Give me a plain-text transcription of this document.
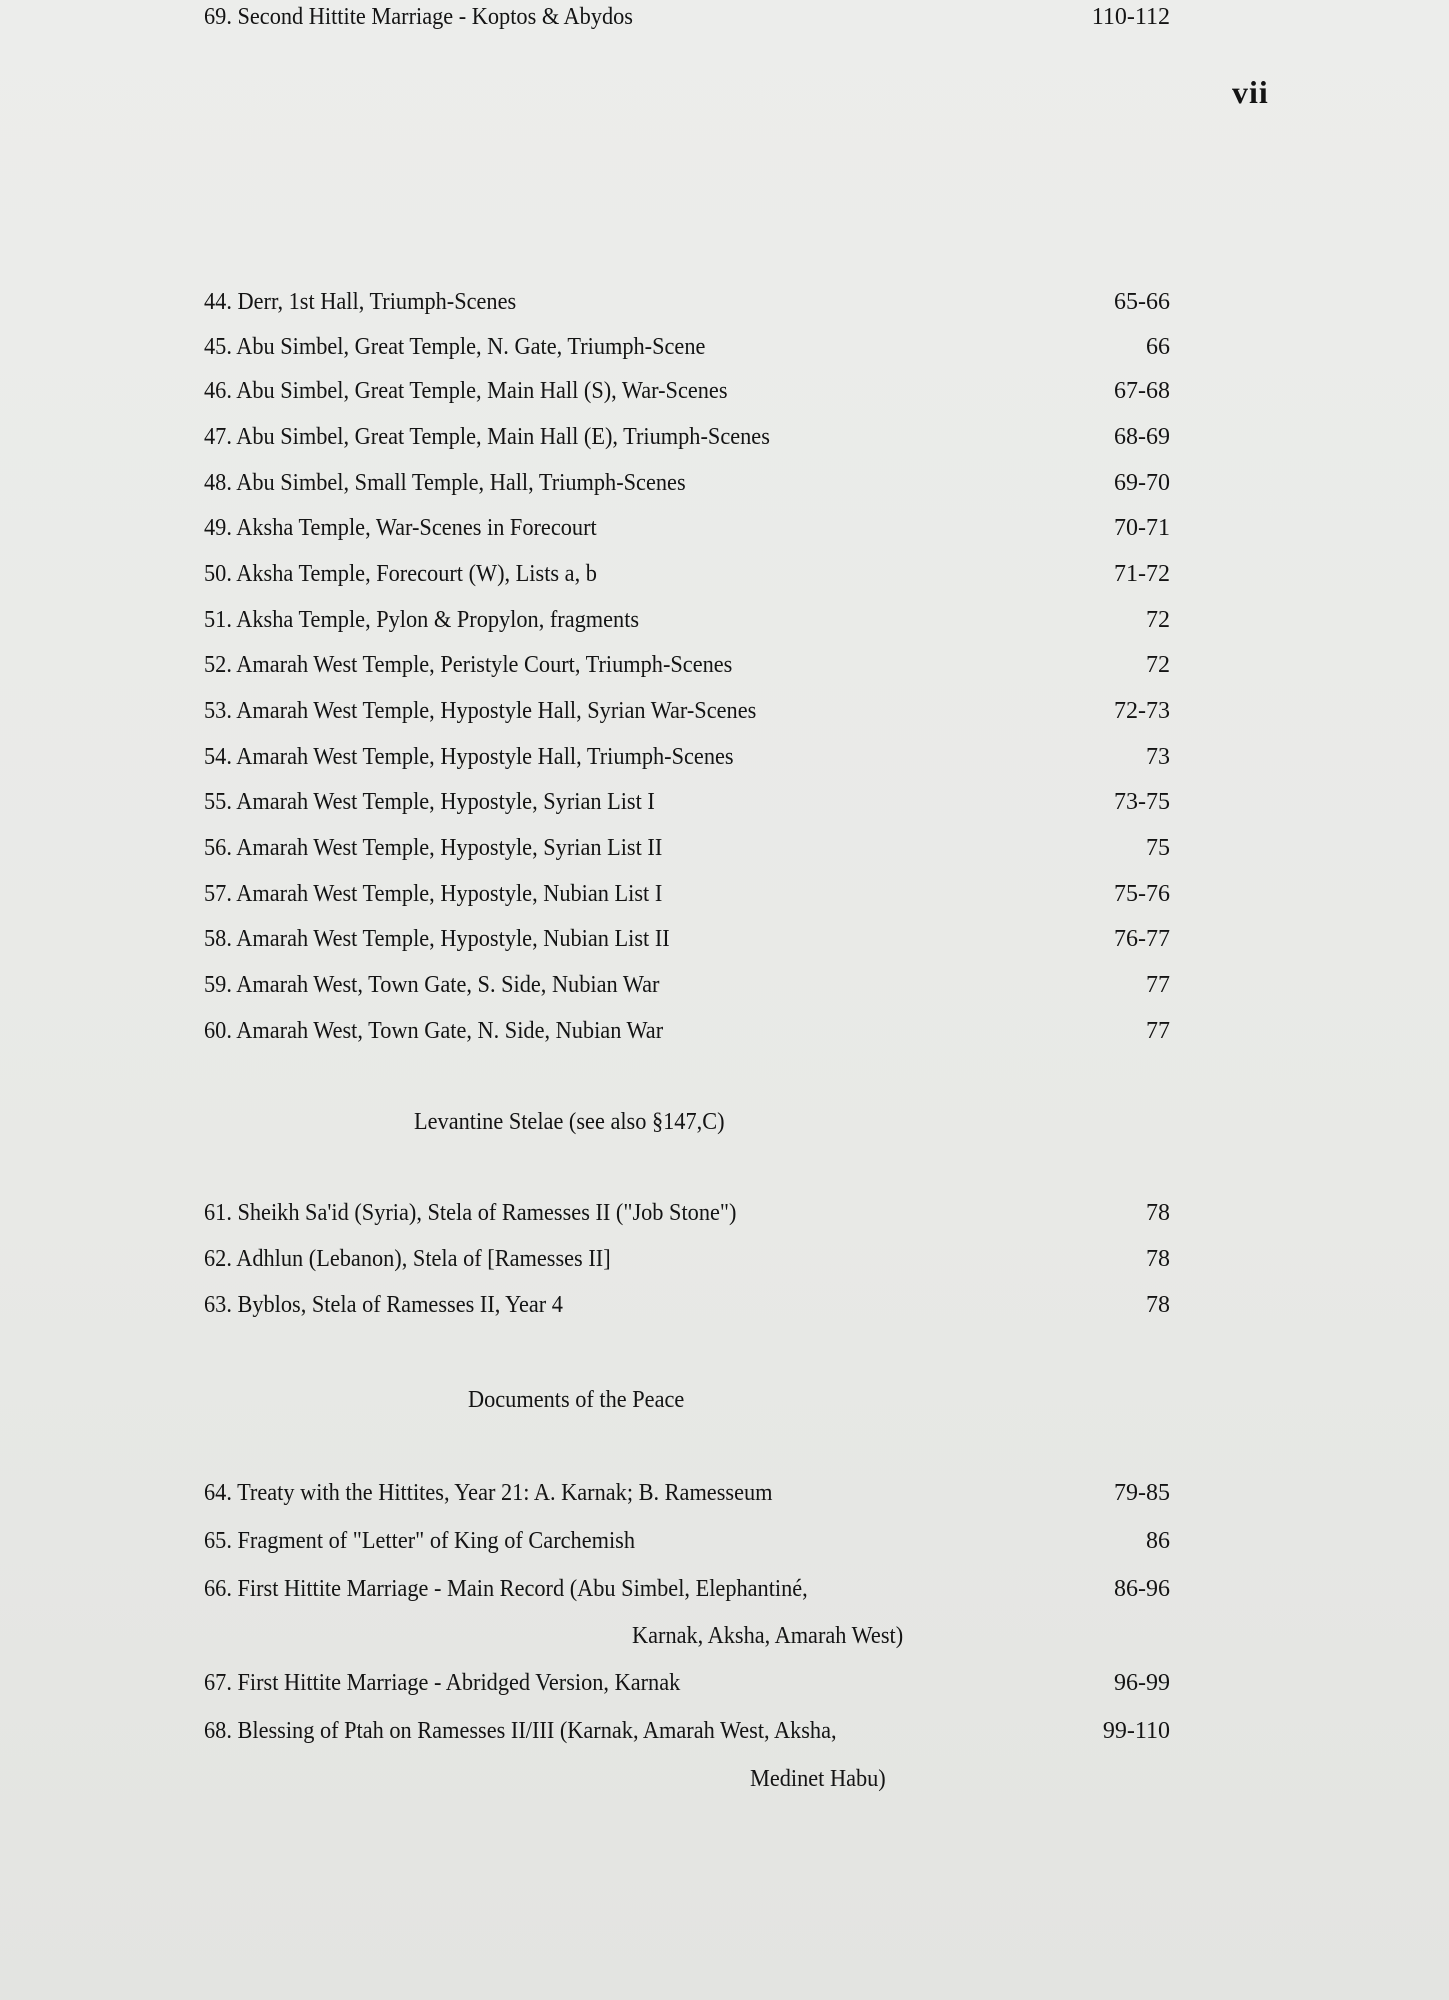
vii
44. Derr, 1st Hall, Triumph-Scenes	65-66
45. Abu Simbel, Great Temple, N. Gate, Triumph-Scene	66
46. Abu Simbel, Great Temple, Main Hall (S), War-Scenes	67-68
47. Abu Simbel, Great Temple, Main Hall (E), Triumph-Scenes	68-69
48. Abu Simbel, Small Temple, Hall, Triumph-Scenes	69-70
49. Aksha Temple, War-Scenes in Forecourt	70-71
50. Aksha Temple, Forecourt (W), Lists a, b	71-72
51. Aksha Temple, Pylon & Propylon, fragments	72
52. Amarah West Temple, Peristyle Court, Triumph-Scenes	72
53. Amarah West Temple, Hypostyle Hall, Syrian War-Scenes	72-73
54. Amarah West Temple, Hypostyle Hall, Triumph-Scenes	73
55. Amarah West Temple, Hypostyle, Syrian List I	73-75
56. Amarah West Temple, Hypostyle, Syrian List II	75
57. Amarah West Temple, Hypostyle, Nubian List I	75-76
58. Amarah West Temple, Hypostyle, Nubian List II	76-77
59. Amarah West, Town Gate, S. Side, Nubian War	77
60. Amarah West, Town Gate, N. Side, Nubian War	77
61. Sheikh Sa'id (Syria), Stela of Ramesses II ("Job Stone")	78
62. Adhlun (Lebanon), Stela of [Ramesses II]	78
63. Byblos, Stela of Ramesses II, Year 4	78
64. Treaty with the Hittites, Year 21: A. Karnak; B. Ramesseum	79-85
65. Fragment of "Letter" of King of Carchemish	86
66. First Hittite Marriage - Main Record (Abu Simbel, Elephantiné,	86-96
Karnak, Aksha, Amarah West)
67. First Hittite Marriage - Abridged Version, Karnak	96-99
68. Blessing of Ptah on Ramesses II/III (Karnak, Amarah West, Aksha,	99-110
Medinet Habu)
69. Second Hittite Marriage - Koptos & Abydos	110-112
Levantine Stelae (see also §147,C)
Documents of the Peace
